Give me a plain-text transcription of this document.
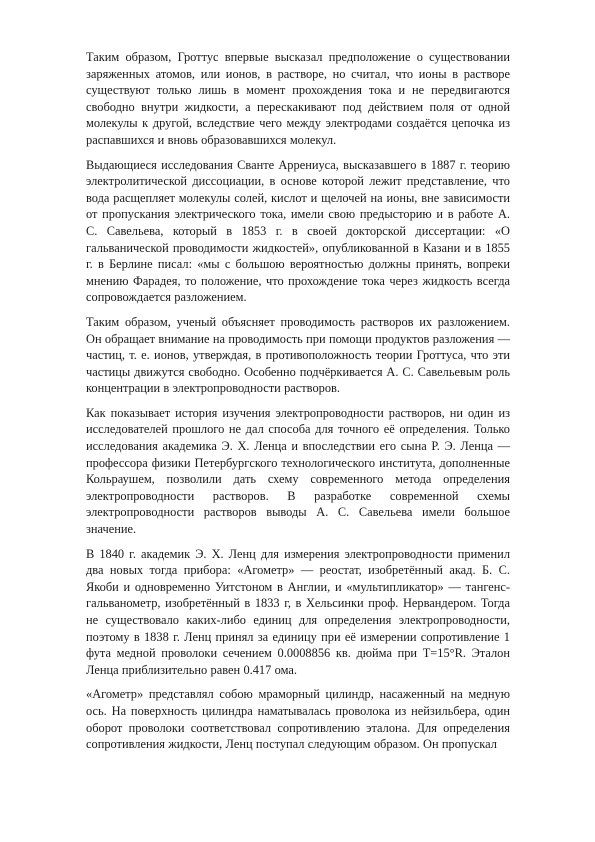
Таким образом, Гроттус впервые высказал предположение о существовании заряженных атомов, или ионов, в растворе, но считал, что ионы в растворе существуют только лишь в момент прохождения тока и не передвигаются свободно внутри жидкости, а перескакивают под действием поля от одной молекулы к другой, вследствие чего между электродами создаётся цепочка из распавшихся и вновь образовавшихся молекул.

Выдающиеся исследования Сванте Аррениуса, высказавшего в 1887 г. теорию электролитической диссоциации, в основе которой лежит представление, что вода расщепляет молекулы солей, кислот и щелочей на ионы, вне зависимости от пропускания электрического тока, имели свою предысторию и в работе А. С. Савельева, который в 1853 г. в своей докторской диссертации: «О гальванической проводимости жидкостей», опубликованной в Казани и в 1855 г. в Берлине писал: «мы с большою вероятностью должны принять, вопреки мнению Фарадея, то положение, что прохождение тока через жидкость всегда сопровождается разложением.

Таким образом, ученый объясняет проводимость растворов их разложением. Он обращает внимание на проводимость при помощи продуктов разложения — частиц, т. е. ионов, утверждая, в противоположность теории Гроттуса, что эти частицы движутся свободно. Особенно подчёркивается А. С. Савельевым роль концентрации в электропроводности растворов.

Как показывает история изучения электропроводности растворов, ни один из исследователей прошлого не дал способа для точного её определения. Только исследования академика Э. Х. Ленца и впоследствии его сына Р. Э. Ленца — профессора физики Петербургского технологического института, дополненные Кольраушем, позволили дать схему современного метода определения электропроводности растворов. В разработке современной схемы электропроводности растворов выводы А. С. Савельева имели большое значение.

В 1840 г. академик Э. Х. Ленц для измерения электропроводности применил два новых тогда прибора: «Агометр» — реостат, изобретённый акад. Б. С. Якоби и одновременно Уитстоном в Англии, и «мультипликатор» — тангенс-гальванометр, изобретённый в 1833 г, в Хельсинки проф. Нервандером. Тогда не существовало каких-либо единиц для определения электропроводности, поэтому в 1838 г. Ленц принял за единицу при её измерении сопротивление 1 фута медной проволоки сечением 0.0008856 кв. дюйма при T=15°R. Эталон Ленца приблизительно равен 0.417 ома.

«Агометр» представлял собою мраморный цилиндр, насаженный на медную ось. На поверхность цилиндра наматывалась проволока из нейзильбера, один оборот проволоки соответствовал сопротивлению эталона. Для определения сопротивления жидкости, Ленц поступал следующим образом. Он пропускал
